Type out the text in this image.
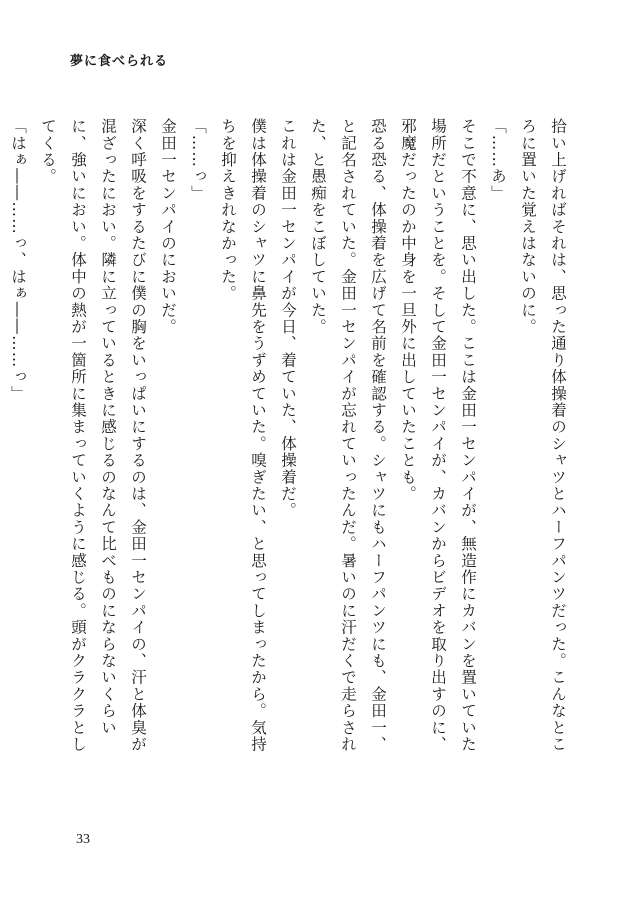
夢に食べられる

拾い上げればそれは、思った通り体操着のシャツとハーフパンツだった。こんなところに置いた覚えはないのに。

「……あ」

そこで不意に、思い出した。ここは金田一センパイが、無造作にカバンを置いていた場所だということを。そして金田一センパイが、カバンからビデオを取り出すのに、邪魔だったのか中身を一旦外に出していたことも。

恐る恐る、体操着を広げて名前を確認する。シャツにもハーフパンツにも、金田一、と記名されていた。金田一センパイが忘れていったんだ。暑いのに汗だくで走らされた、と愚痴をこぼしていた。

これは金田一センパイが今日、着ていた、体操着だ。

僕は体操着のシャツに鼻先をうずめていた。嗅ぎたい、と思ってしまったから。気持ちを抑えきれなかった。

「……っ」

金田一センパイのにおいだ。

深く呼吸をするたびに僕の胸をいっぱいにするのは、金田一センパイの、汗と体臭が混ざったにおい。隣に立っているときに感じるのなんて比べものにならないくらいに、強いにおい。体中の熱が一箇所に集まっていくように感じる。頭がクラクラとしてくる。

「はぁ――……っ、はぁ――……っ」

33
